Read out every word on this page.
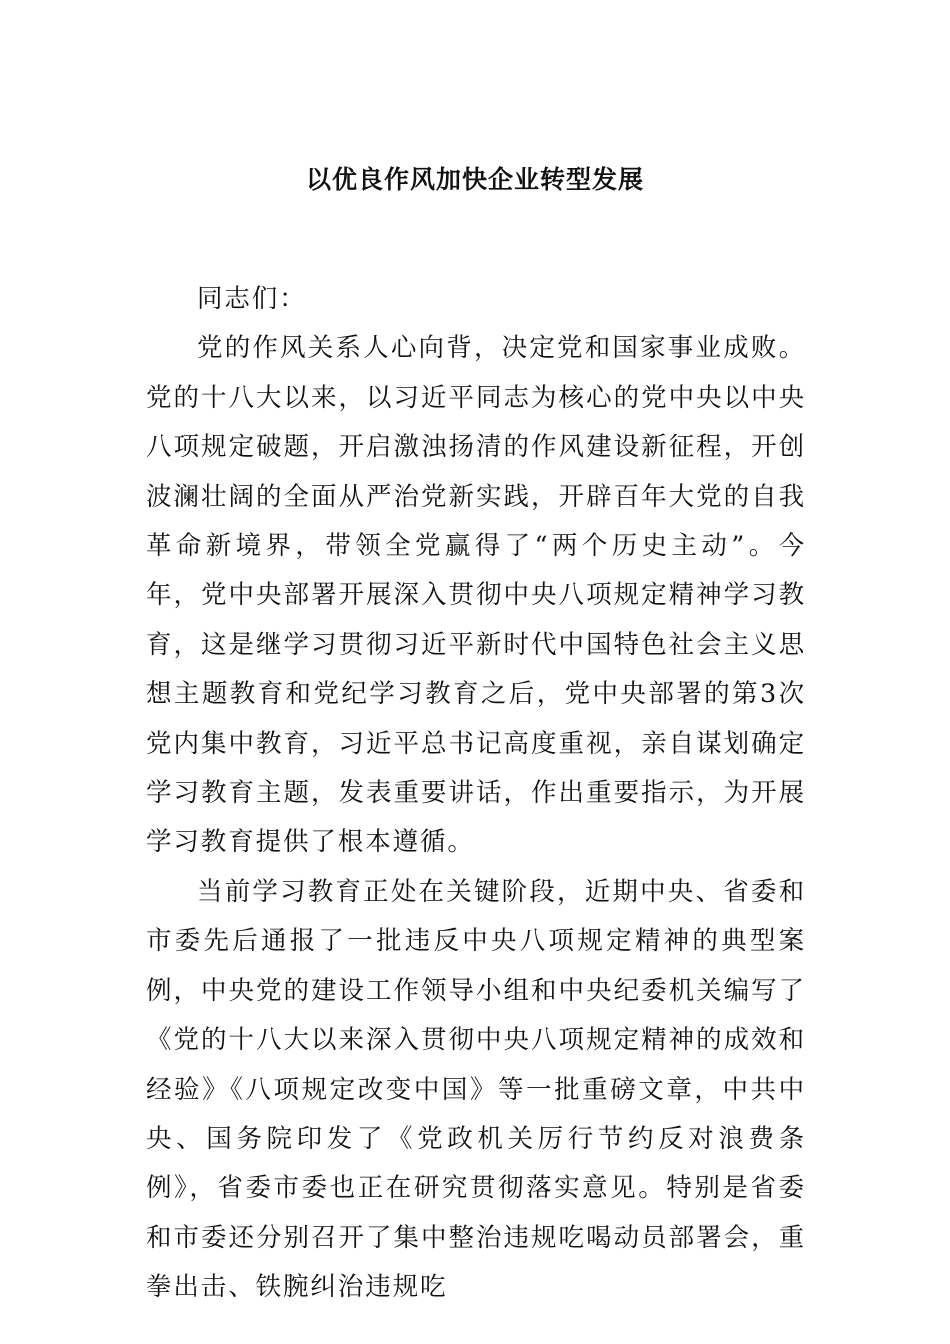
以优良作风加快企业转型发展

同志们：

党的作风关系人心向背，决定党和国家事业成败。党的十八大以来，以习近平同志为核心的党中央以中央八项规定破题，开启激浊扬清的作风建设新征程，开创波澜壮阔的全面从严治党新实践，开辟百年大党的自我革命新境界，带领全党赢得了“两个历史主动”。今年，党中央部署开展深入贯彻中央八项规定精神学习教育，这是继学习贯彻习近平新时代中国特色社会主义思想主题教育和党纪学习教育之后，党中央部署的第3次党内集中教育，习近平总书记高度重视，亲自谋划确定学习教育主题，发表重要讲话，作出重要指示，为开展学习教育提供了根本遵循。

当前学习教育正处在关键阶段，近期中央、省委和市委先后通报了一批违反中央八项规定精神的典型案例，中央党的建设工作领导小组和中央纪委机关编写了《党的十八大以来深入贯彻中央八项规定精神的成效和经验》《八项规定改变中国》等一批重磅文章，中共中央、国务院印发了《党政机关厉行节约反对浪费条例》，省委市委也正在研究贯彻落实意见。特别是省委和市委还分别召开了集中整治违规吃喝动员部署会，重拳出击、铁腕纠治违规吃
